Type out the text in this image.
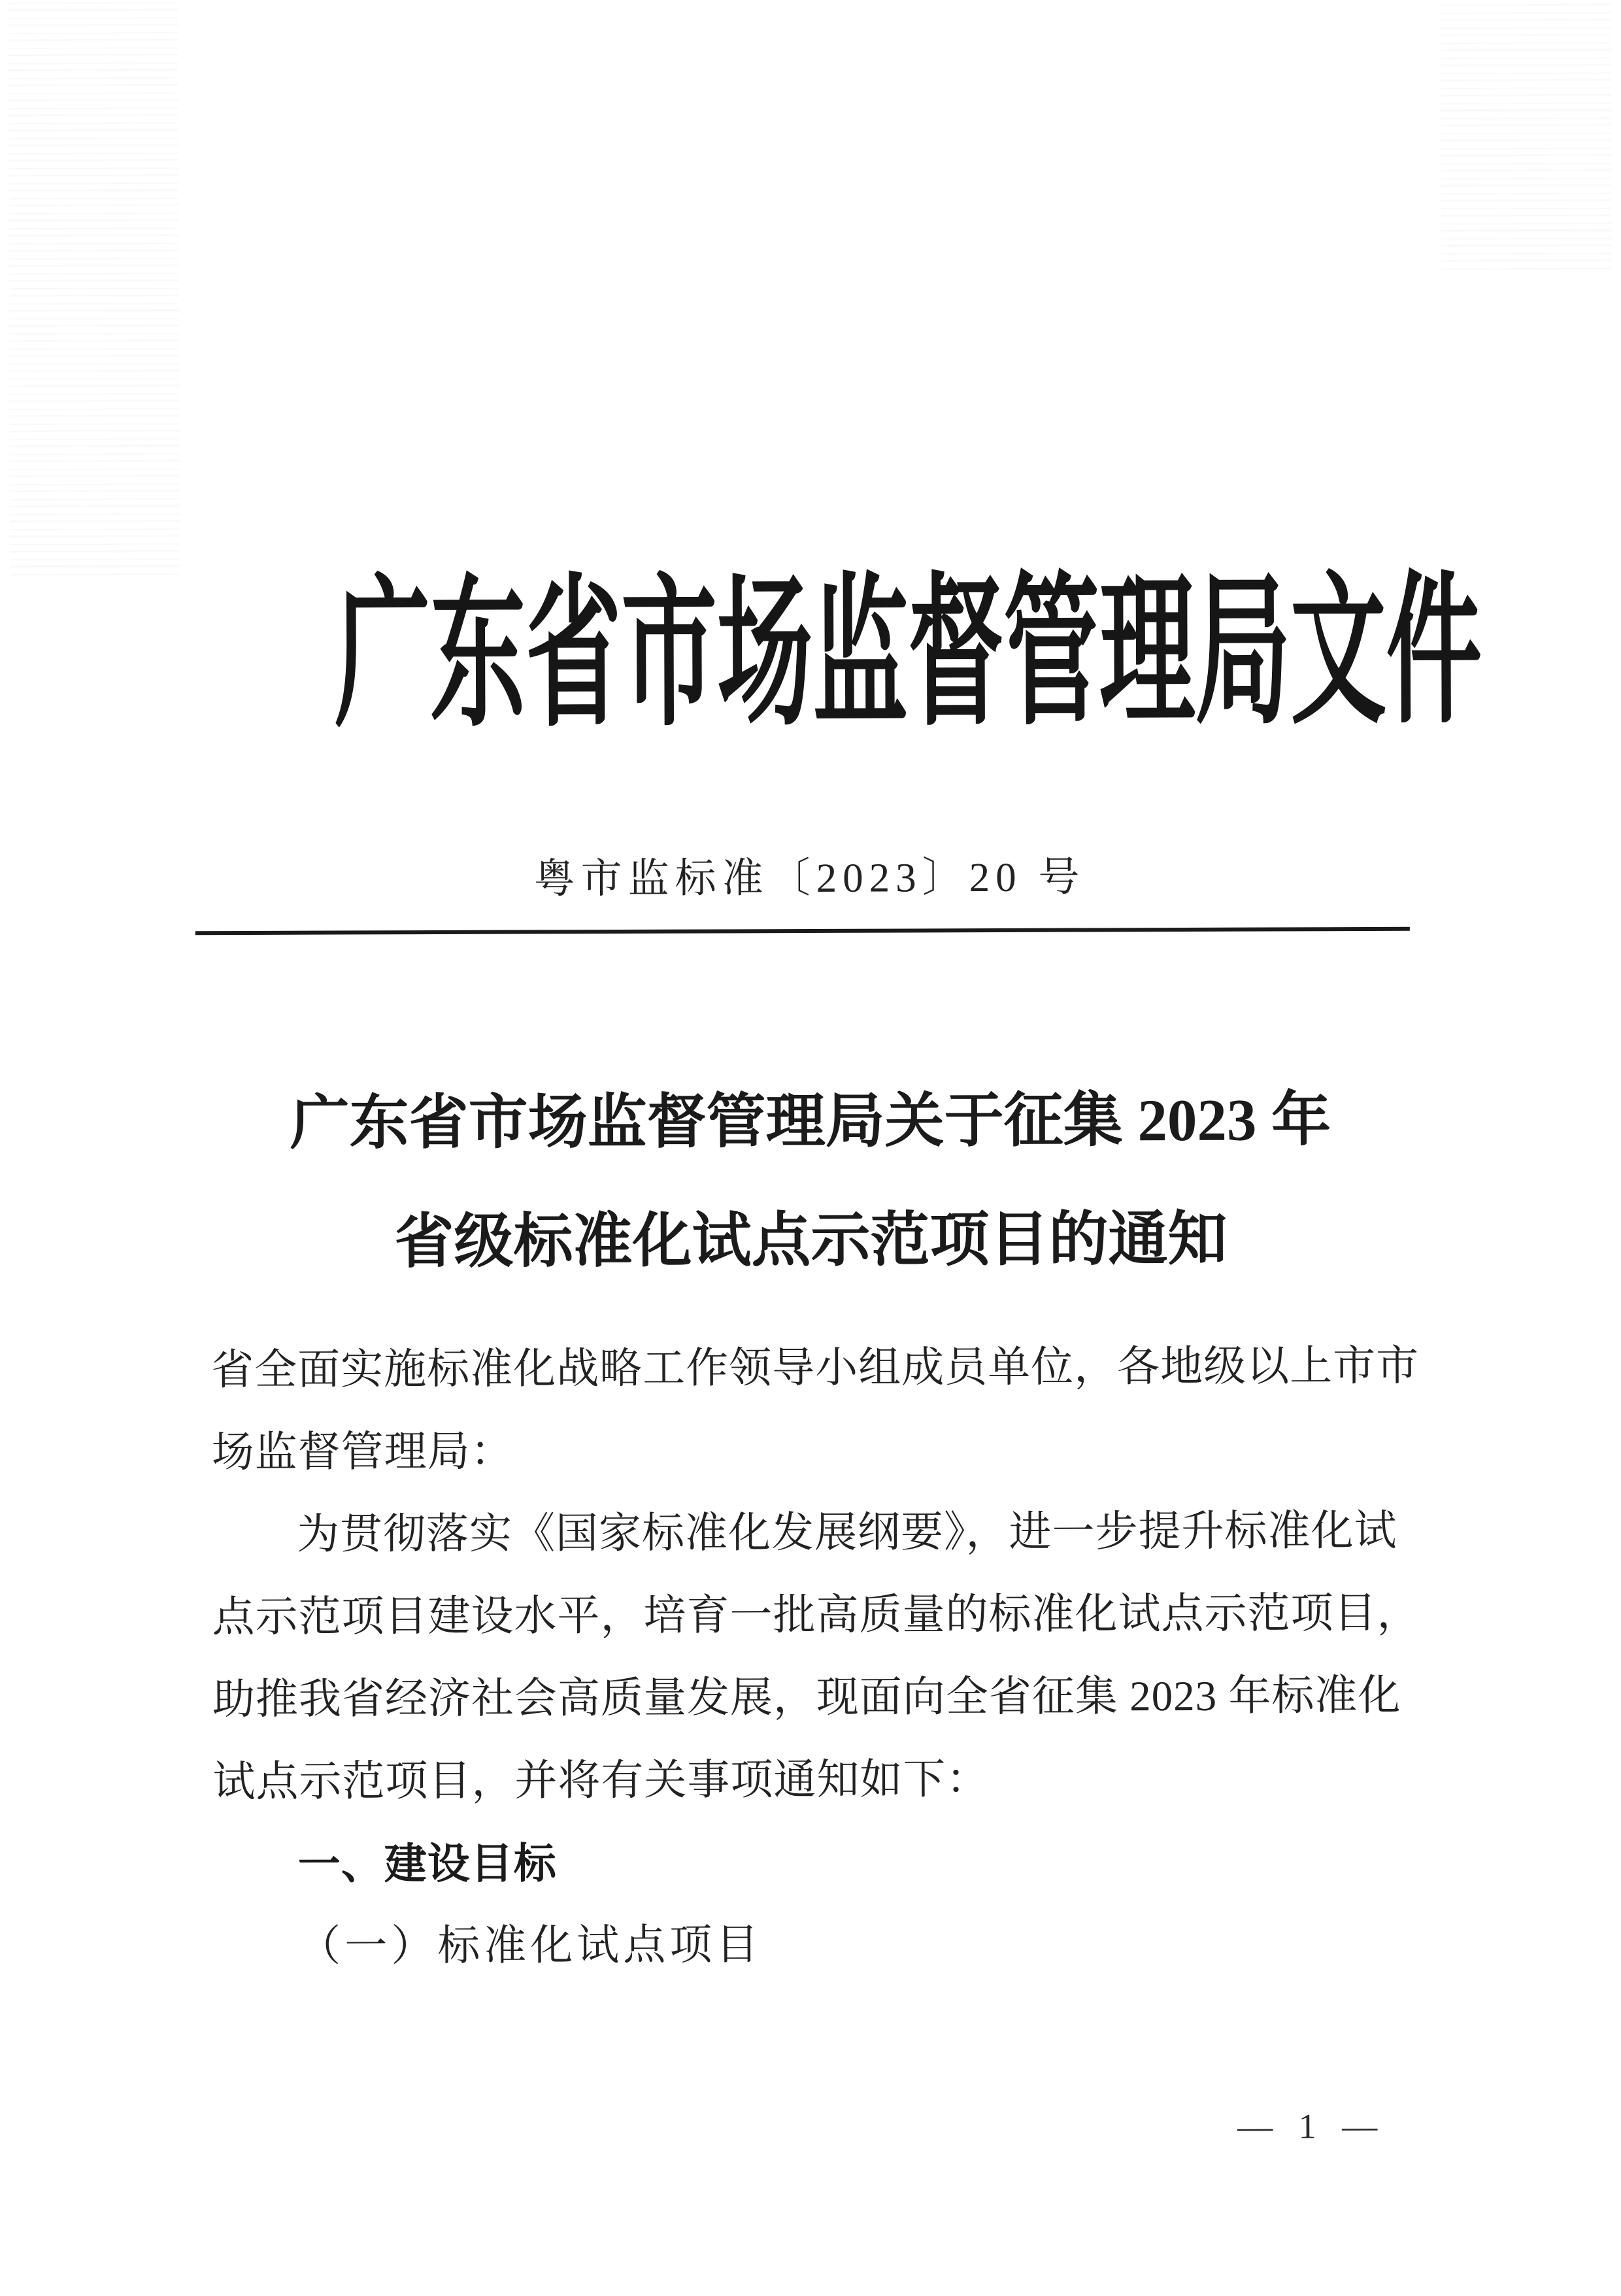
广东省市场监督管理局文件
粤市监标准〔2023〕20 号
广东省市场监督管理局关于征集 2023 年
省级标准化试点示范项目的通知
省全面实施标准化战略工作领导小组成员单位，各地级以上市市
场监督管理局：
为贯彻落实《国家标准化发展纲要》，进一步提升标准化试
点示范项目建设水平，培育一批高质量的标准化试点示范项目，
助推我省经济社会高质量发展，现面向全省征集 2023 年标准化
试点示范项目，并将有关事项通知如下：
一、建设目标
（一）标准化试点项目
— 1 —
